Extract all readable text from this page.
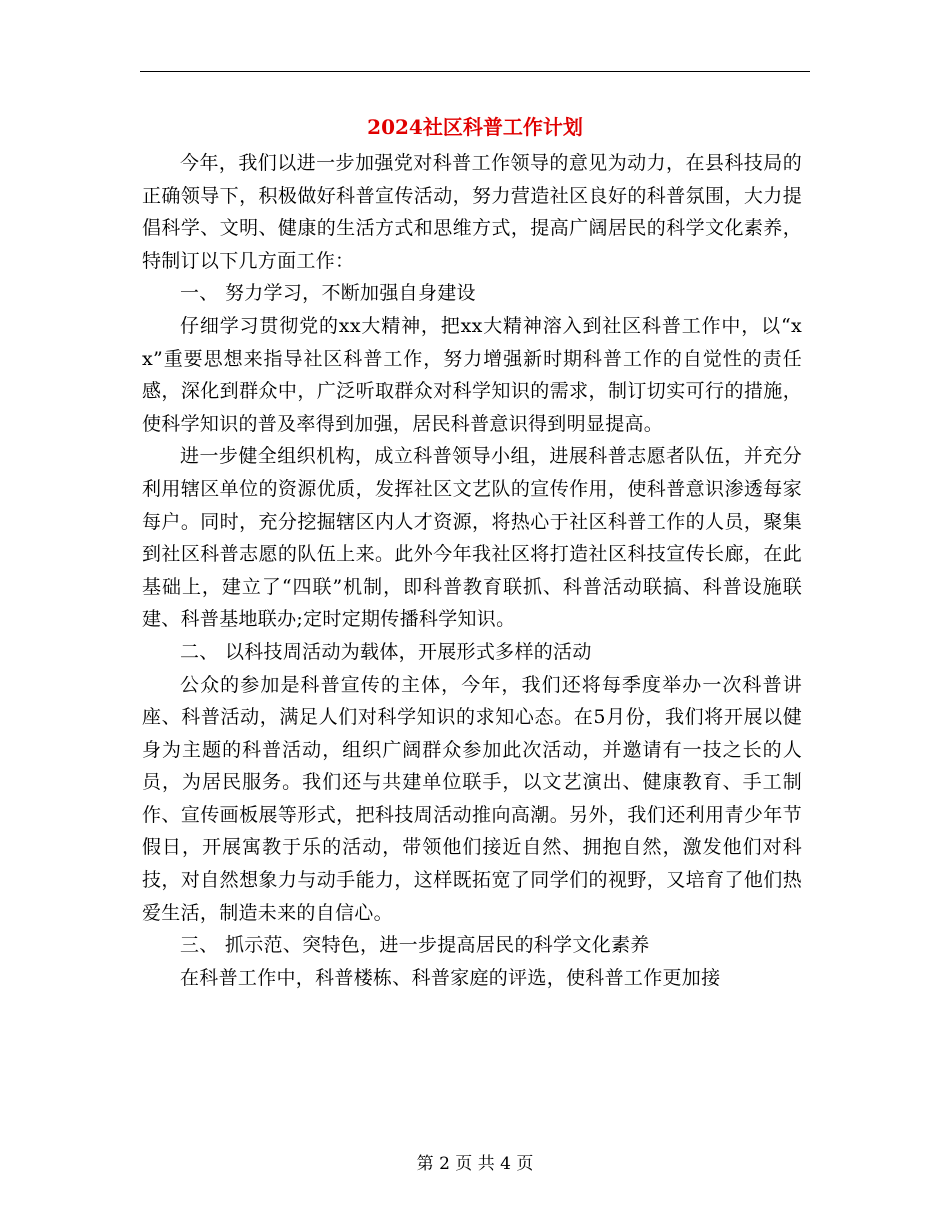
2024社区科普工作计划

今年，我们以进一步加强党对科普工作领导的意见为动力，在县科技局的正确领导下，积极做好科普宣传活动，努力营造社区良好的科普氛围，大力提倡科学、文明、健康的生活方式和思维方式，提高广阔居民的科学文化素养，特制订以下几方面工作：

一、 努力学习，不断加强自身建设

仔细学习贯彻党的xx大精神，把xx大精神溶入到社区科普工作中，以“xx”重要思想来指导社区科普工作，努力增强新时期科普工作的自觉性的责任感，深化到群众中，广泛听取群众对科学知识的需求，制订切实可行的措施，使科学知识的普及率得到加强，居民科普意识得到明显提高。

进一步健全组织机构，成立科普领导小组，进展科普志愿者队伍，并充分利用辖区单位的资源优质，发挥社区文艺队的宣传作用，使科普意识渗透每家每户。同时，充分挖掘辖区内人才资源，将热心于社区科普工作的人员，聚集到社区科普志愿的队伍上来。此外今年我社区将打造社区科技宣传长廊，在此基础上，建立了“四联”机制，即科普教育联抓、科普活动联搞、科普设施联建、科普基地联办;定时定期传播科学知识。

二、 以科技周活动为载体，开展形式多样的活动

公众的参加是科普宣传的主体，今年，我们还将每季度举办一次科普讲座、科普活动，满足人们对科学知识的求知心态。在5月份，我们将开展以健身为主题的科普活动，组织广阔群众参加此次活动，并邀请有一技之长的人员，为居民服务。我们还与共建单位联手，以文艺演出、健康教育、手工制作、宣传画板展等形式，把科技周活动推向高潮。另外，我们还利用青少年节假日，开展寓教于乐的活动，带领他们接近自然、拥抱自然，激发他们对科技，对自然想象力与动手能力，这样既拓宽了同学们的视野，又培育了他们热爱生活，制造未来的自信心。

三、 抓示范、突特色，进一步提高居民的科学文化素养

在科普工作中，科普楼栋、科普家庭的评选，使科普工作更加接

第 2 页 共 4 页
